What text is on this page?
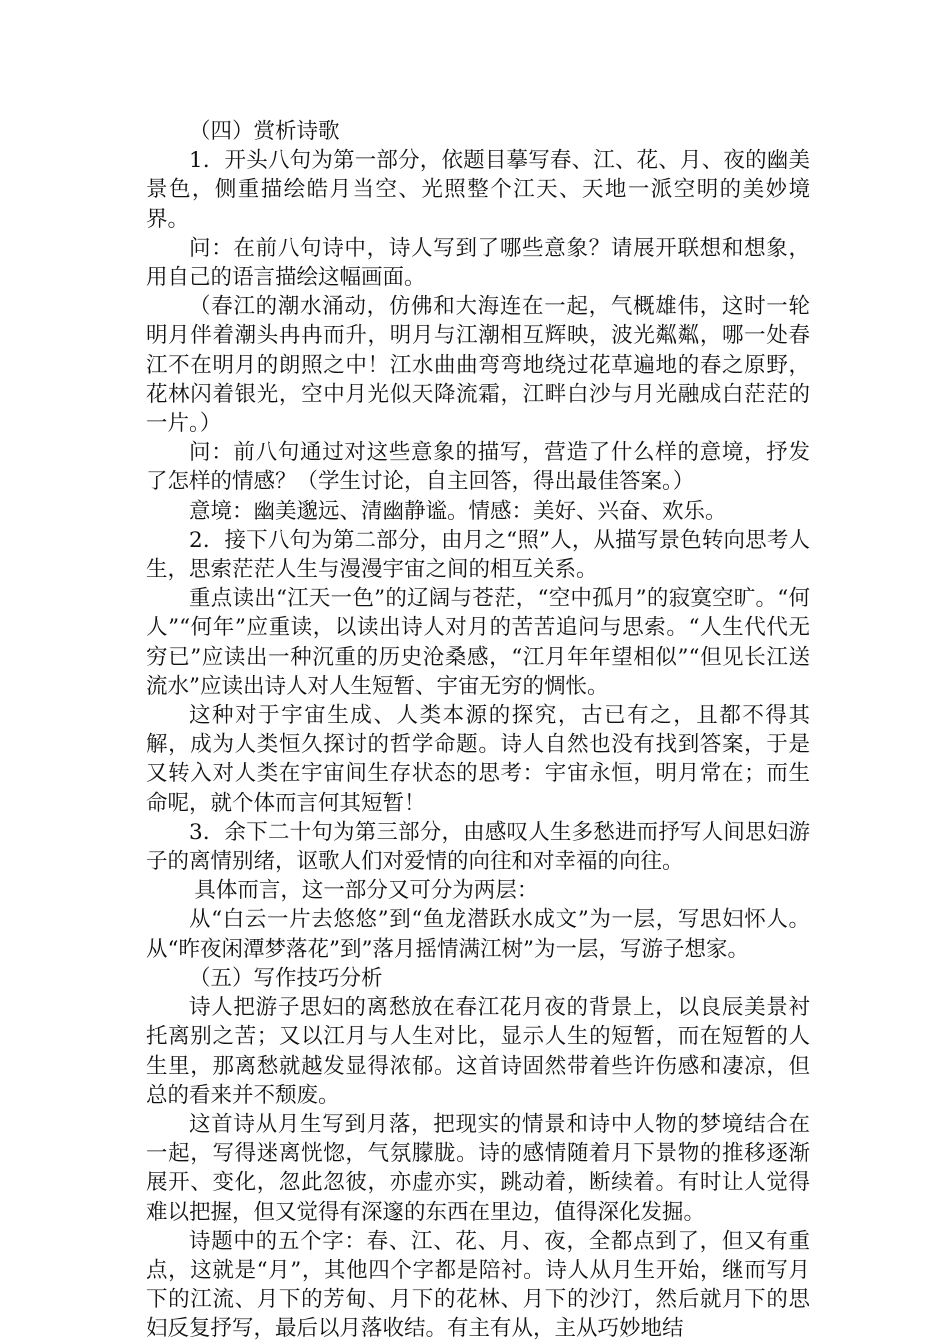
（四）赏析诗歌

1．开头八句为第一部分，依题目摹写春、江、花、月、夜的幽美景色，侧重描绘皓月当空、光照整个江天、天地一派空明的美妙境界。

问：在前八句诗中，诗人写到了哪些意象？请展开联想和想象，用自己的语言描绘这幅画面。

（春江的潮水涌动，仿佛和大海连在一起，气概雄伟，这时一轮明月伴着潮头冉冉而升，明月与江潮相互辉映，波光粼粼，哪一处春江不在明月的朗照之中！江水曲曲弯弯地绕过花草遍地的春之原野，花林闪着银光，空中月光似天降流霜，江畔白沙与月光融成白茫茫的一片。）

问：前八句通过对这些意象的描写，营造了什么样的意境，抒发了怎样的情感？（学生讨论，自主回答，得出最佳答案。）

意境：幽美邈远、清幽静谧。情感：美好、兴奋、欢乐。

2．接下八句为第二部分，由月之“照”人，从描写景色转向思考人生，思索茫茫人生与漫漫宇宙之间的相互关系。

重点读出“江天一色”的辽阔与苍茫，“空中孤月”的寂寞空旷。“何人”“何年”应重读，以读出诗人对月的苦苦追问与思索。“人生代代无穷已”应读出一种沉重的历史沧桑感，“江月年年望相似”“但见长江送流水”应读出诗人对人生短暂、宇宙无穷的惆怅。

这种对于宇宙生成、人类本源的探究，古已有之，且都不得其解，成为人类恒久探讨的哲学命题。诗人自然也没有找到答案，于是又转入对人类在宇宙间生存状态的思考：宇宙永恒，明月常在；而生命呢，就个体而言何其短暂！

3．余下二十句为第三部分，由感叹人生多愁进而抒写人间思妇游子的离情别绪，讴歌人们对爱情的向往和对幸福的向往。

具体而言，这一部分又可分为两层：

从“白云一片去悠悠”到“鱼龙潜跃水成文”为一层，写思妇怀人。从“昨夜闲潭梦落花”到”落月摇情满江树”为一层，写游子想家。

（五）写作技巧分析

诗人把游子思妇的离愁放在春江花月夜的背景上，以良辰美景衬托离别之苦；又以江月与人生对比，显示人生的短暂，而在短暂的人生里，那离愁就越发显得浓郁。这首诗固然带着些许伤感和凄凉，但总的看来并不颓废。

这首诗从月生写到月落，把现实的情景和诗中人物的梦境结合在一起，写得迷离恍惚，气氛朦胧。诗的感情随着月下景物的推移逐渐展开、变化，忽此忽彼，亦虚亦实，跳动着，断续着。有时让人觉得难以把握，但又觉得有深邃的东西在里边，值得深化发掘。

诗题中的五个字：春、江、花、月、夜，全都点到了，但又有重点，这就是“月”，其他四个字都是陪衬。诗人从月生开始，继而写月下的江流、月下的芳甸、月下的花林、月下的沙汀，然后就月下的思妇反复抒写，最后以月落收结。有主有从，主从巧妙地结
